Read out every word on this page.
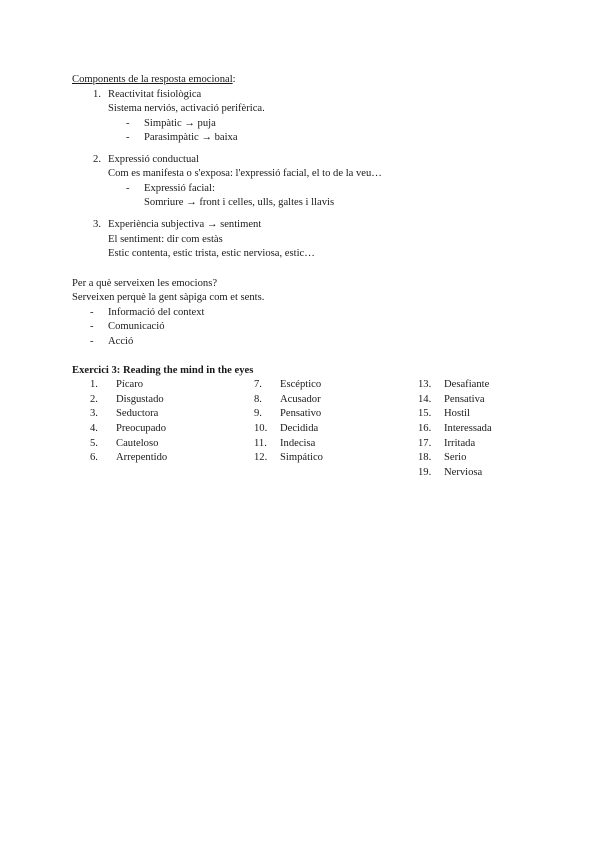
Components de la resposta emocional:
1. Reactivitat fisiològica
Sistema nerviós, activació perifèrica.
- Simpàtic → puja
- Parasimpàtic → baixa
2. Expressió conductual
Com es manifesta o s'exposa: l'expressió facial, el to de la veu…
- Expressió facial:
Somriure → front i celles, ulls, galtes i llavis
3. Experiència subjectiva → sentiment
El sentiment: dir com estàs
Estic contenta, estic trista, estic nerviosa, estic…
Per a què serveixen les emocions?
Serveixen perquè la gent sàpiga com et sents.
- Informació del context
- Comunicació
- Acció
Exercici 3: Reading the mind in the eyes
1. Pícaro
2. Disgustado
3. Seductora
4. Preocupado
5. Cauteloso
6. Arrepentido
7. Escéptico
8. Acusador
9. Pensativo
10. Decidida
11. Indecisa
12. Simpático
13. Desafiante
14. Pensativa
15. Hostil
16. Interessada
17. Irritada
18. Serio
19. Nerviosa
